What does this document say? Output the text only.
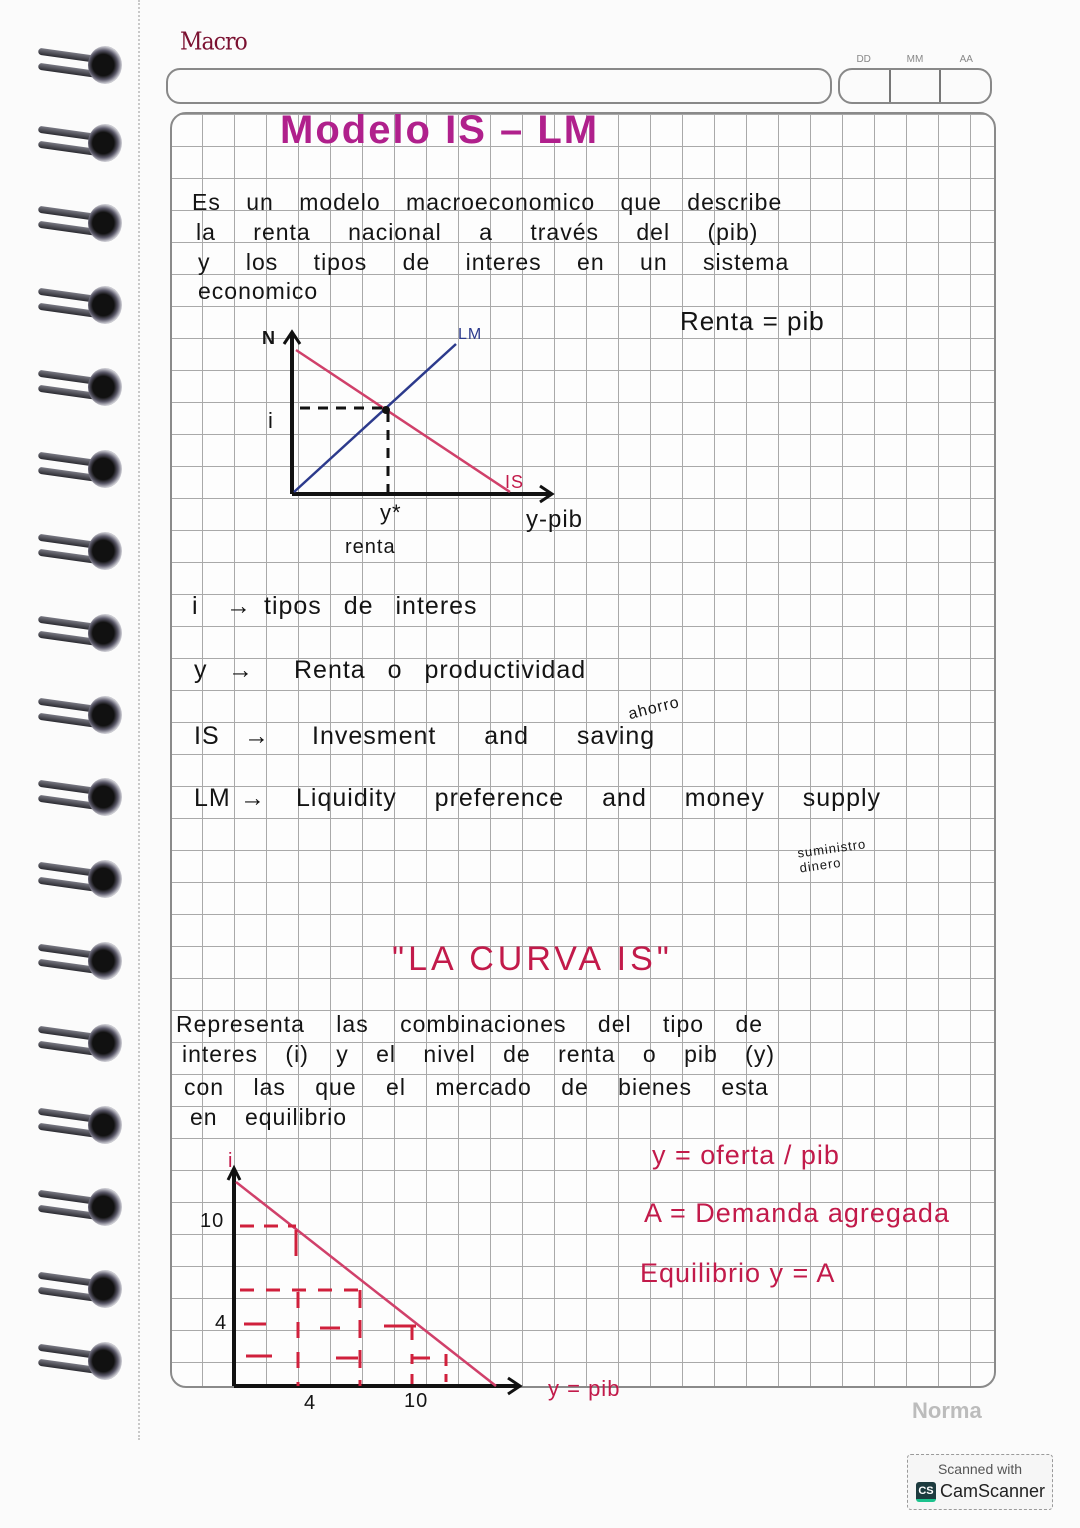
Macro
DD	MM	AA
Modelo IS – LM
Es un modelo macroeconomico que describe
la renta nacional a través del (pib)
y los tipos de interes en un sistema
economico
Renta = pib
N
i
LM
IS
y*
renta
y-pib
i → tipos de interes
y → Renta o productividad
IS → Invesment and saving
ahorro
LM → Liquidity preference and money supply
suministro dinero
"LA CURVA IS"
Representa las combinaciones del tipo de
interes (i) y el nivel de renta o pib (y)
con las que el mercado de bienes esta
en equilibrio
y = oferta / pib
A = Demanda agregada
Equilibrio y = A
i
10
4
4	10	y = pib
Norma
Scanned with
CS CamScanner
